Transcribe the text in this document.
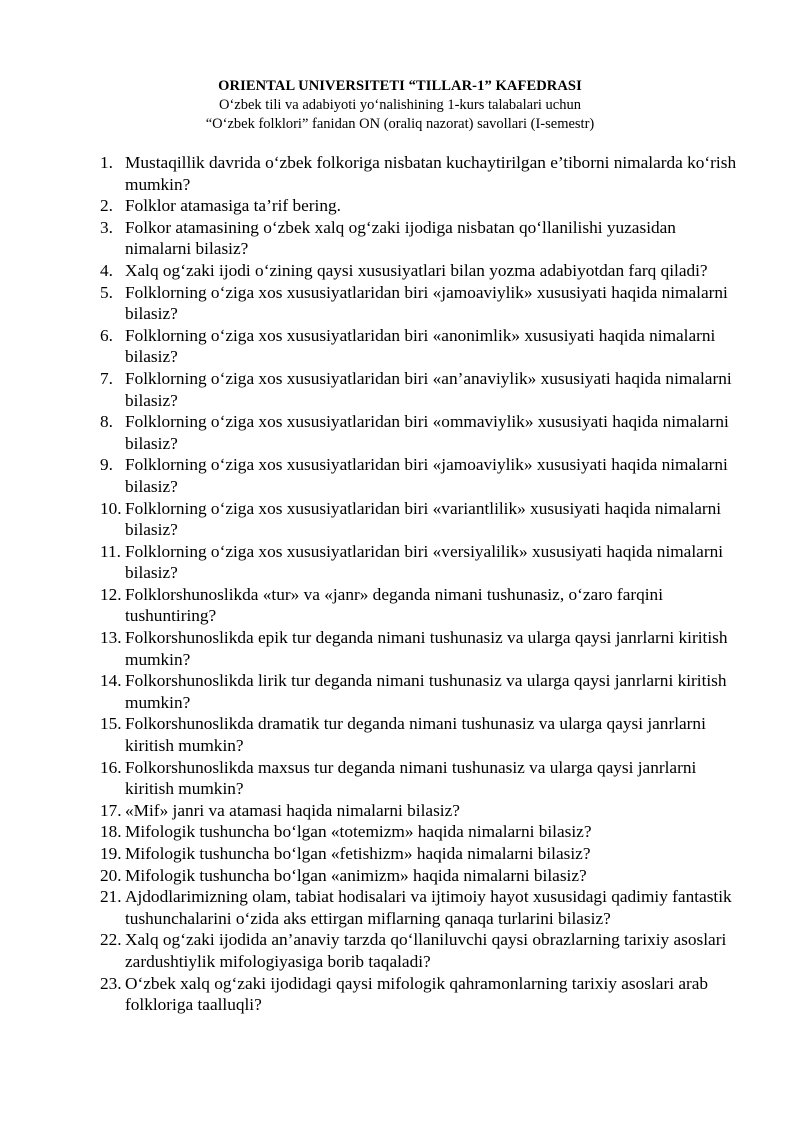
ORIENTAL UNIVERSITETI “TILLAR-1” KAFEDRASI
O‘zbek tili va adabiyoti yo‘nalishining 1-kurs talabalari uchun
“O‘zbek folklori” fanidan ON (oraliq nazorat) savollari (I-semestr)
1. Mustaqillik davrida o‘zbek folkoriga nisbatan kuchaytirilgan e’tiborni nimalarda ko‘rish mumkin?
2. Folklor atamasiga ta’rif bering.
3. Folkor atamasining o‘zbek xalq og‘zaki ijodiga nisbatan qo‘llanilishi yuzasidan nimalarni bilasiz?
4. Xalq og‘zaki ijodi o‘zining qaysi xususiyatlari bilan yozma adabiyotdan farq qiladi?
5. Folklorning o‘ziga xos xususiyatlaridan biri «jamoaviylik» xususiyati haqida nimalarni bilasiz?
6. Folklorning o‘ziga xos xususiyatlaridan biri «anonimlik» xususiyati haqida nimalarni bilasiz?
7. Folklorning o‘ziga xos xususiyatlaridan biri «an’anaviylik» xususiyati haqida nimalarni bilasiz?
8. Folklorning o‘ziga xos xususiyatlaridan biri «ommaviylik» xususiyati haqida nimalarni bilasiz?
9. Folklorning o‘ziga xos xususiyatlaridan biri «jamoaviylik» xususiyati haqida nimalarni bilasiz?
10. Folklorning o‘ziga xos xususiyatlaridan biri «variantlilik» xususiyati haqida nimalarni bilasiz?
11. Folklorning o‘ziga xos xususiyatlaridan biri «versiyalilik» xususiyati haqida nimalarni bilasiz?
12. Folklorshunoslikda «tur» va «janr» deganda nimani tushunasiz, o‘zaro farqini tushuntiring?
13. Folkorshunoslikda epik tur deganda nimani tushunasiz va ularga qaysi janrlarni kiritish mumkin?
14. Folkorshunoslikda lirik tur deganda nimani tushunasiz va ularga qaysi janrlarni kiritish mumkin?
15. Folkorshunoslikda dramatik tur deganda nimani tushunasiz va ularga qaysi janrlarni kiritish mumkin?
16. Folkorshunoslikda maxsus tur deganda nimani tushunasiz va ularga qaysi janrlarni kiritish mumkin?
17. «Mif» janri va atamasi haqida nimalarni bilasiz?
18. Mifologik tushuncha bo‘lgan «totemizm» haqida nimalarni bilasiz?
19. Mifologik tushuncha bo‘lgan «fetishizm» haqida nimalarni bilasiz?
20. Mifologik tushuncha bo‘lgan «animizm» haqida nimalarni bilasiz?
21. Ajdodlarimizning olam, tabiat hodisalari va ijtimoiy hayot xususidagi qadimiy fantastik tushunchalarini o‘zida aks ettirgan miflarning qanaqa turlarini bilasiz?
22. Xalq og‘zaki ijodida an’anaviy tarzda qo‘llaniluvchi qaysi obrazlarning tarixiy asoslari zardushtiylik mifologiyasiga borib taqaladi?
23. O‘zbek xalq og‘zaki ijodidagi qaysi mifologik qahramonlarning tarixiy asoslari arab folkloriga taalluqli?
